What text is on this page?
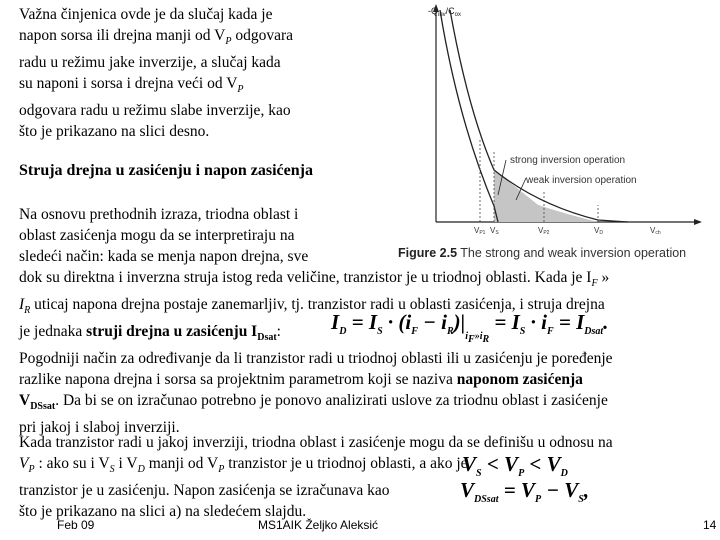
Važna činjenica ovde je da slučaj kada je
napon sorsa ili drejna manji od $V_P$ odgovara
radu u režimu jake inverzije, a slučaj kada
su naponi i sorsa i drejna veći od $V_P$
odgovara radu u režimu slabe inverzije, kao
što je prikazano na slici desno.
Struja drejna u zasićenju i napon zasićenja
Na osnovu prethodnih izraza, triodna oblast i
oblast zasićenja mogu da se interpretiraju na
sledeći način: kada se menja napon drejna, sve
dok su direktna i inverzna struja istog reda veličine, tranzistor je u triodnoj oblasti. Kada je $I_F$ »
$I_R$ uticaj napona drejna postaje zanemarljiv, tj. tranzistor radi u oblasti zasićenja, i struja drejna
je jednaka struji drejna u zasićenju $I_{Dsat}$:	$I_D = I_S \cdot (i_F - i_R)|_{i_F»i_R} = I_S \cdot i_F = I_{Dsat}$.
Pogodniji način za određivanje da li tranzistor radi u triodnoj oblasti ili u zasićenju je poređenje
razlike napona drejna i sorsa sa projektnim parametrom koji se naziva naponom zasićenja
$V_{DSsat}$. Da bi se on izračunao potrebno je ponovo analizirati uslove za triodnu oblast i zasićenje
pri jakoj i slaboj inverziji.
Kada tranzistor radi u jakoj inverziji, triodna oblast i zasićenje mogu da se definišu u odnosu na
$V_P$ : ako su i $V_S$ i $V_D$ manji od $V_P$ tranzistor je u triodnoj oblasti, a ako je
tranzistor je u zasićenju. Napon zasićenja se izračunava kao
što je prikazano na slici a) na sledećem slajdu.
$V_S < V_P < V_D$
$V_{DSsat} = V_P - V_S$,
$-Q_{inv}/C_{ox}$
strong inversion operation
weak inversion operation
VP1 VS	VP2	VD	Vch
Figure 2.5 The strong and weak inversion operation
Feb 09	MS1AIK Željko Aleksić	14
